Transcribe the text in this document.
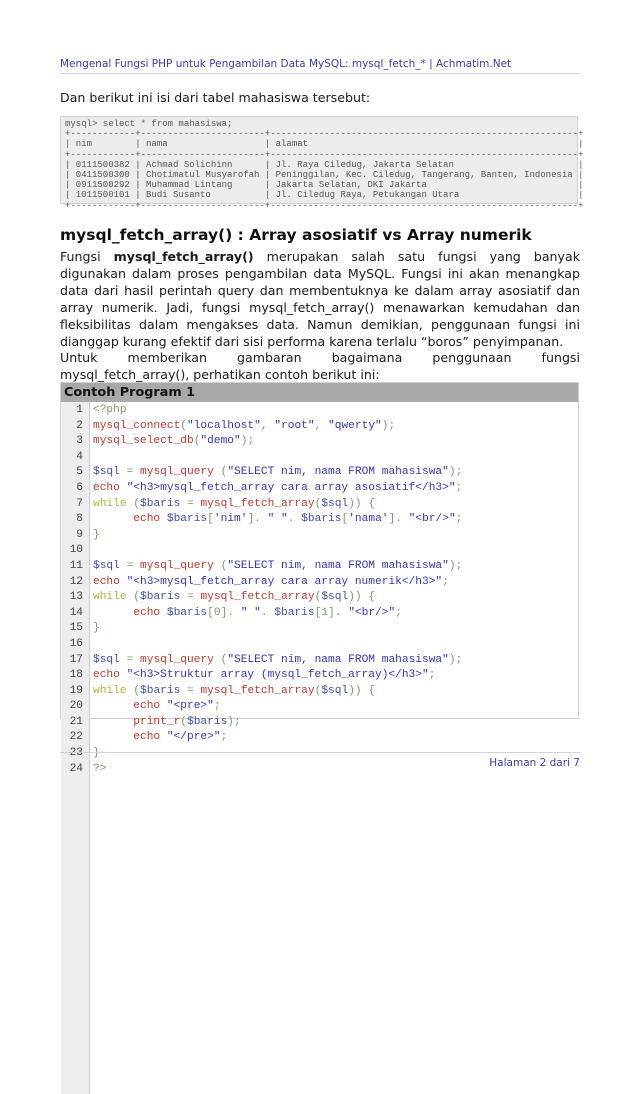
Mengenal Fungsi PHP untuk Pengambilan Data MySQL: mysql_fetch_* | Achmatim.Net
Dan berikut ini isi dari tabel mahasiswa tersebut:
mysql> select * from mahasiswa;
+------------+-----------------------+---------------------------------------------------------+
| nim        | nama                  | alamat                                                  |
+------------+-----------------------+---------------------------------------------------------+
| 0111500382 | Achmad Solichinn      | Jl. Raya Ciledug, Jakarta Selatan                       |
| 0411500300 | Chotimatul Musyarofah | Peninggilan, Kec. Ciledug, Tangerang, Banten, Indonesia |
| 0911500292 | Muhammad Lintang      | Jakarta Selatan, DKI Jakarta                            |
| 1011500101 | Budi Susanto          | Jl. Ciledug Raya, Petukangan Utara                      |
+------------+-----------------------+---------------------------------------------------------+
mysql_fetch_array() : Array asosiatif vs Array numerik
Fungsi mysql_fetch_array() merupakan salah satu fungsi yang banyak digunakan dalam proses pengambilan data MySQL. Fungsi ini akan menangkap data dari hasil perintah query dan membentuknya ke dalam array asosiatif dan array numerik. Jadi, fungsi mysql_fetch_array() menawarkan kemudahan dan fleksibilitas dalam mengakses data. Namun demikian, penggunaan fungsi ini dianggap kurang efektif dari sisi performa karena terlalu “boros” penyimpanan.
Untuk memberikan gambaran bagaimana penggunaan fungsi mysql_fetch_array(), perhatikan contoh berikut ini:
Contoh Program 1
1 <?php
2 mysql_connect("localhost", "root", "qwerty");
3 mysql_select_db("demo");
4
5 $sql = mysql_query ("SELECT nim, nama FROM mahasiswa");
6 echo "<h3>mysql_fetch_array cara array asosiatif</h3>";
7 while ($baris = mysql_fetch_array($sql)) {
8 echo $baris['nim']. " ". $baris['nama']. "<br/>";
9 }
10
11 $sql = mysql_query ("SELECT nim, nama FROM mahasiswa");
12 echo "<h3>mysql_fetch_array cara array numerik</h3>";
13 while ($baris = mysql_fetch_array($sql)) {
14 echo $baris[0]. " ". $baris[1]. "<br/>";
15 }
16
17 $sql = mysql_query ("SELECT nim, nama FROM mahasiswa");
18 echo "<h3>Struktur array (mysql_fetch_array)</h3>";
19 while ($baris = mysql_fetch_array($sql)) {
20 echo "<pre>";
21 print_r($baris);
22 echo "</pre>";
23 }
24 ?>	Halaman 2 dari 7
